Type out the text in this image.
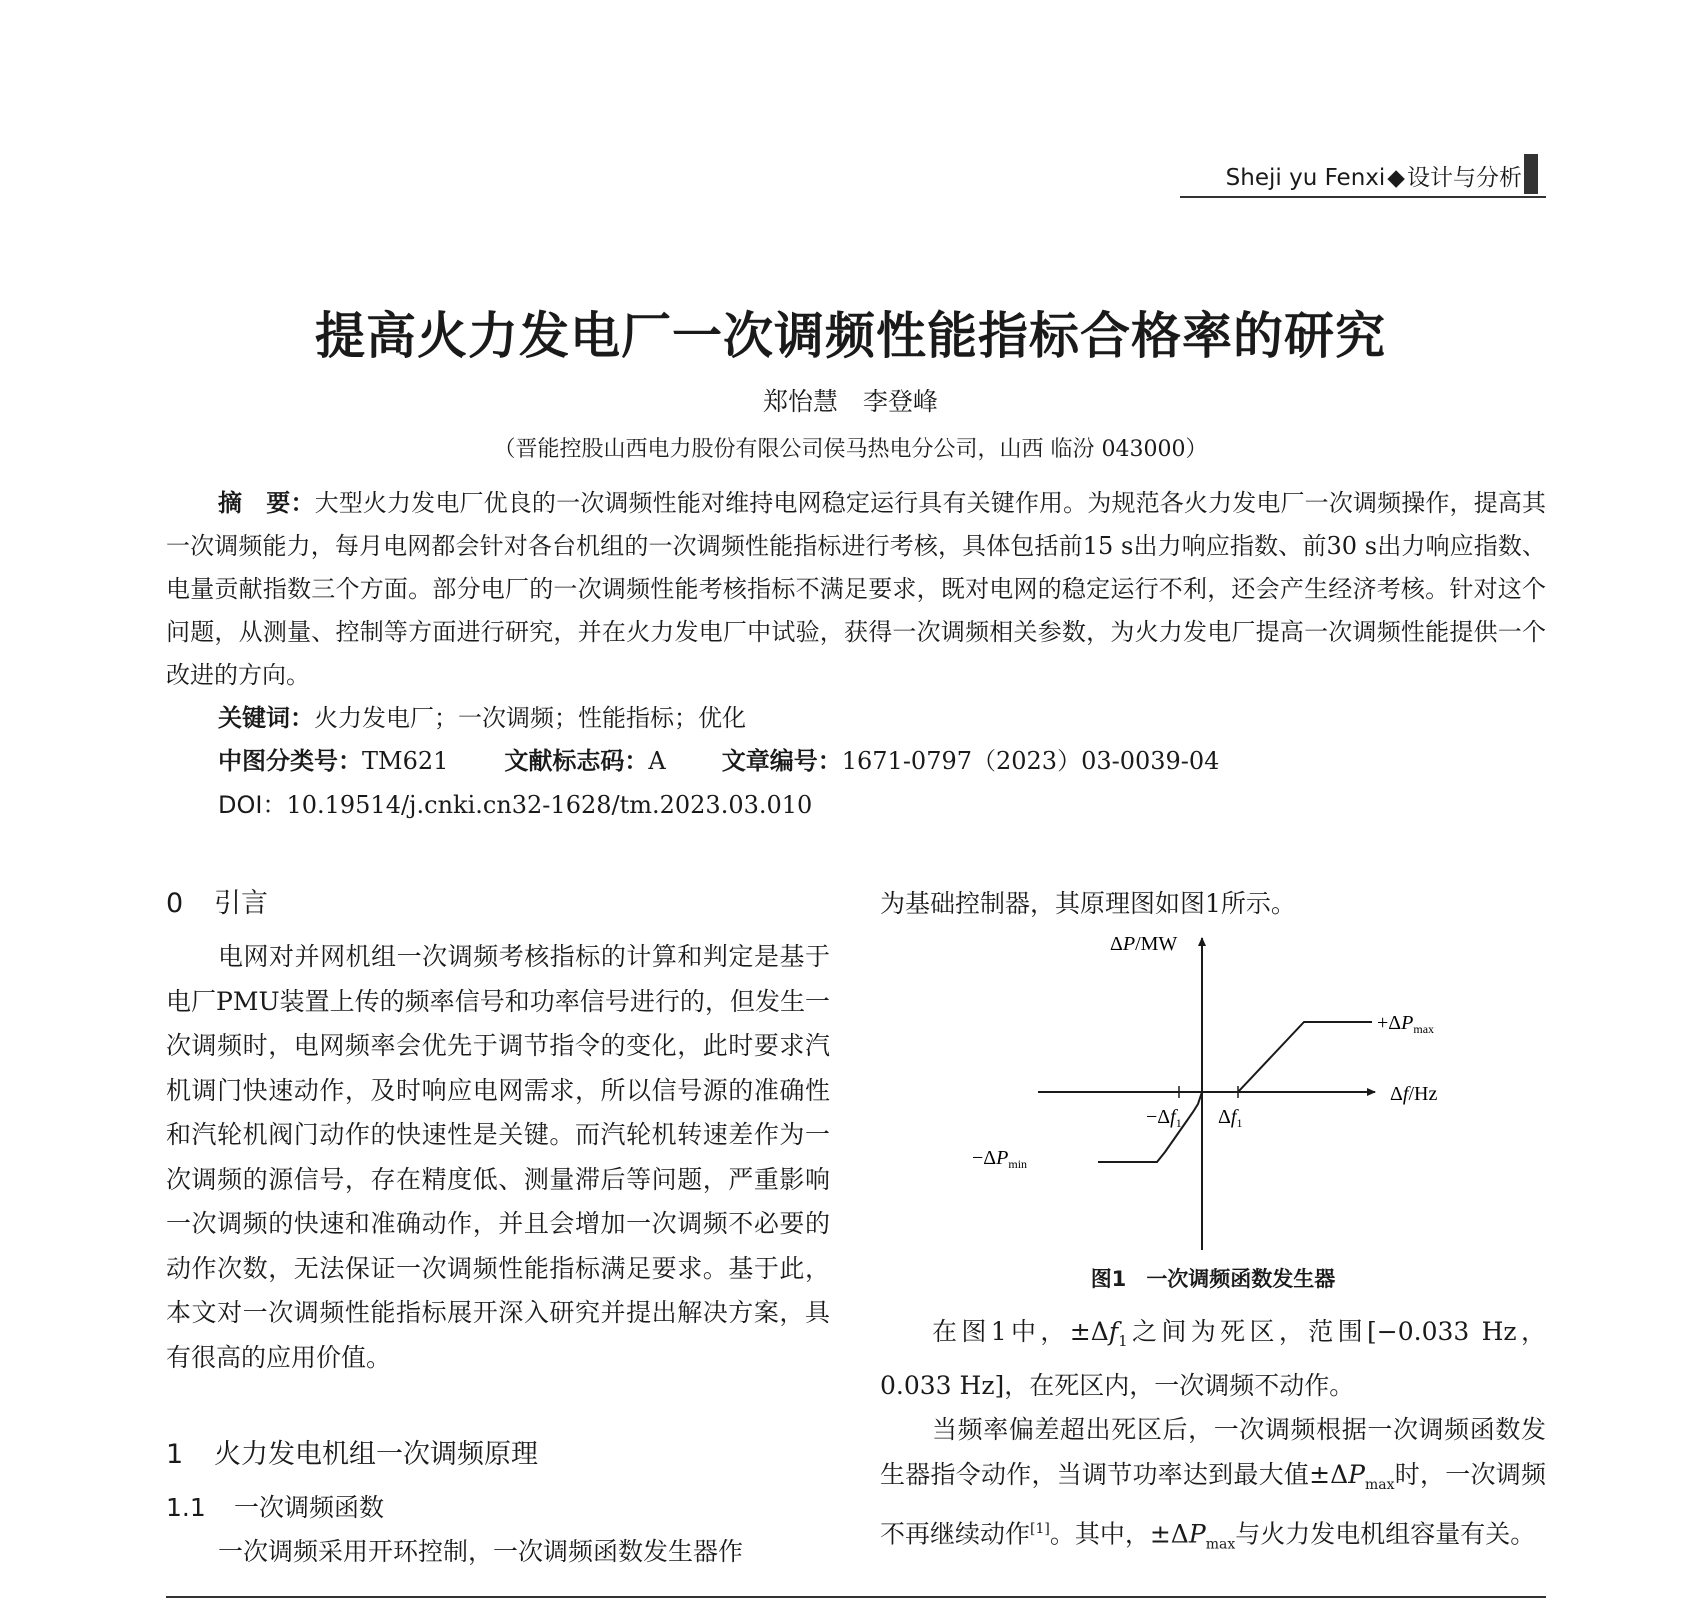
Sheji yu Fenxi◆设计与分析
提高火力发电厂一次调频性能指标合格率的研究
郑怡慧　李登峰
（晋能控股山西电力股份有限公司侯马热电分公司，山西 临汾 043000）
摘　要：大型火力发电厂优良的一次调频性能对维持电网稳定运行具有关键作用。为规范各火力发电厂一次调频操作，提高其一次调频能力，每月电网都会针对各台机组的一次调频性能指标进行考核，具体包括前15 s出力响应指数、前30 s出力响应指数、电量贡献指数三个方面。部分电厂的一次调频性能考核指标不满足要求，既对电网的稳定运行不利，还会产生经济考核。针对这个问题，从测量、控制等方面进行研究，并在火力发电厂中试验，获得一次调频相关参数，为火力发电厂提高一次调频性能提供一个改进的方向。
关键词：火力发电厂；一次调频；性能指标；优化
中图分类号：TM621 文献标志码：A 文章编号：1671-0797（2023）03-0039-04
DOI：10.19514/j.cnki.cn32-1628/tm.2023.03.010
0 引言

电网对并网机组一次调频考核指标的计算和判定是基于电厂PMU装置上传的频率信号和功率信号进行的，但发生一次调频时，电网频率会优先于调节指令的变化，此时要求汽机调门快速动作，及时响应电网需求，所以信号源的准确性和汽轮机阀门动作的快速性是关键。而汽轮机转速差作为一次调频的源信号，存在精度低、测量滞后等问题，严重影响一次调频的快速和准确动作，并且会增加一次调频不必要的动作次数，无法保证一次调频性能指标满足要求。基于此，本文对一次调频性能指标展开深入研究并提出解决方案，具有很高的应用价值。

1 火力发电机组一次调频原理
1.1 一次调频函数

一次调频采用开环控制，一次调频函数发生器作

为基础控制器，其原理图如图1所示。

ΔP/MW
Δf/Hz
$+\Delta P_{max}$
$-\Delta P_{min}$
$-\Delta f_1$ $\Delta f_1$
图1 一次调频函数发生器

在图1中，$\pm\Delta f_1$之间为死区，范围[−0.033 Hz，0.033 Hz]，在死区内，一次调频不动作。

当频率偏差超出死区后，一次调频根据一次调频函数发生器指令动作，当调节功率达到最大值$\pm\Delta P_{max}$时，一次调频不再继续动作[1]。其中，$\pm\Delta P_{max}$与火力发电机组容量有关。
